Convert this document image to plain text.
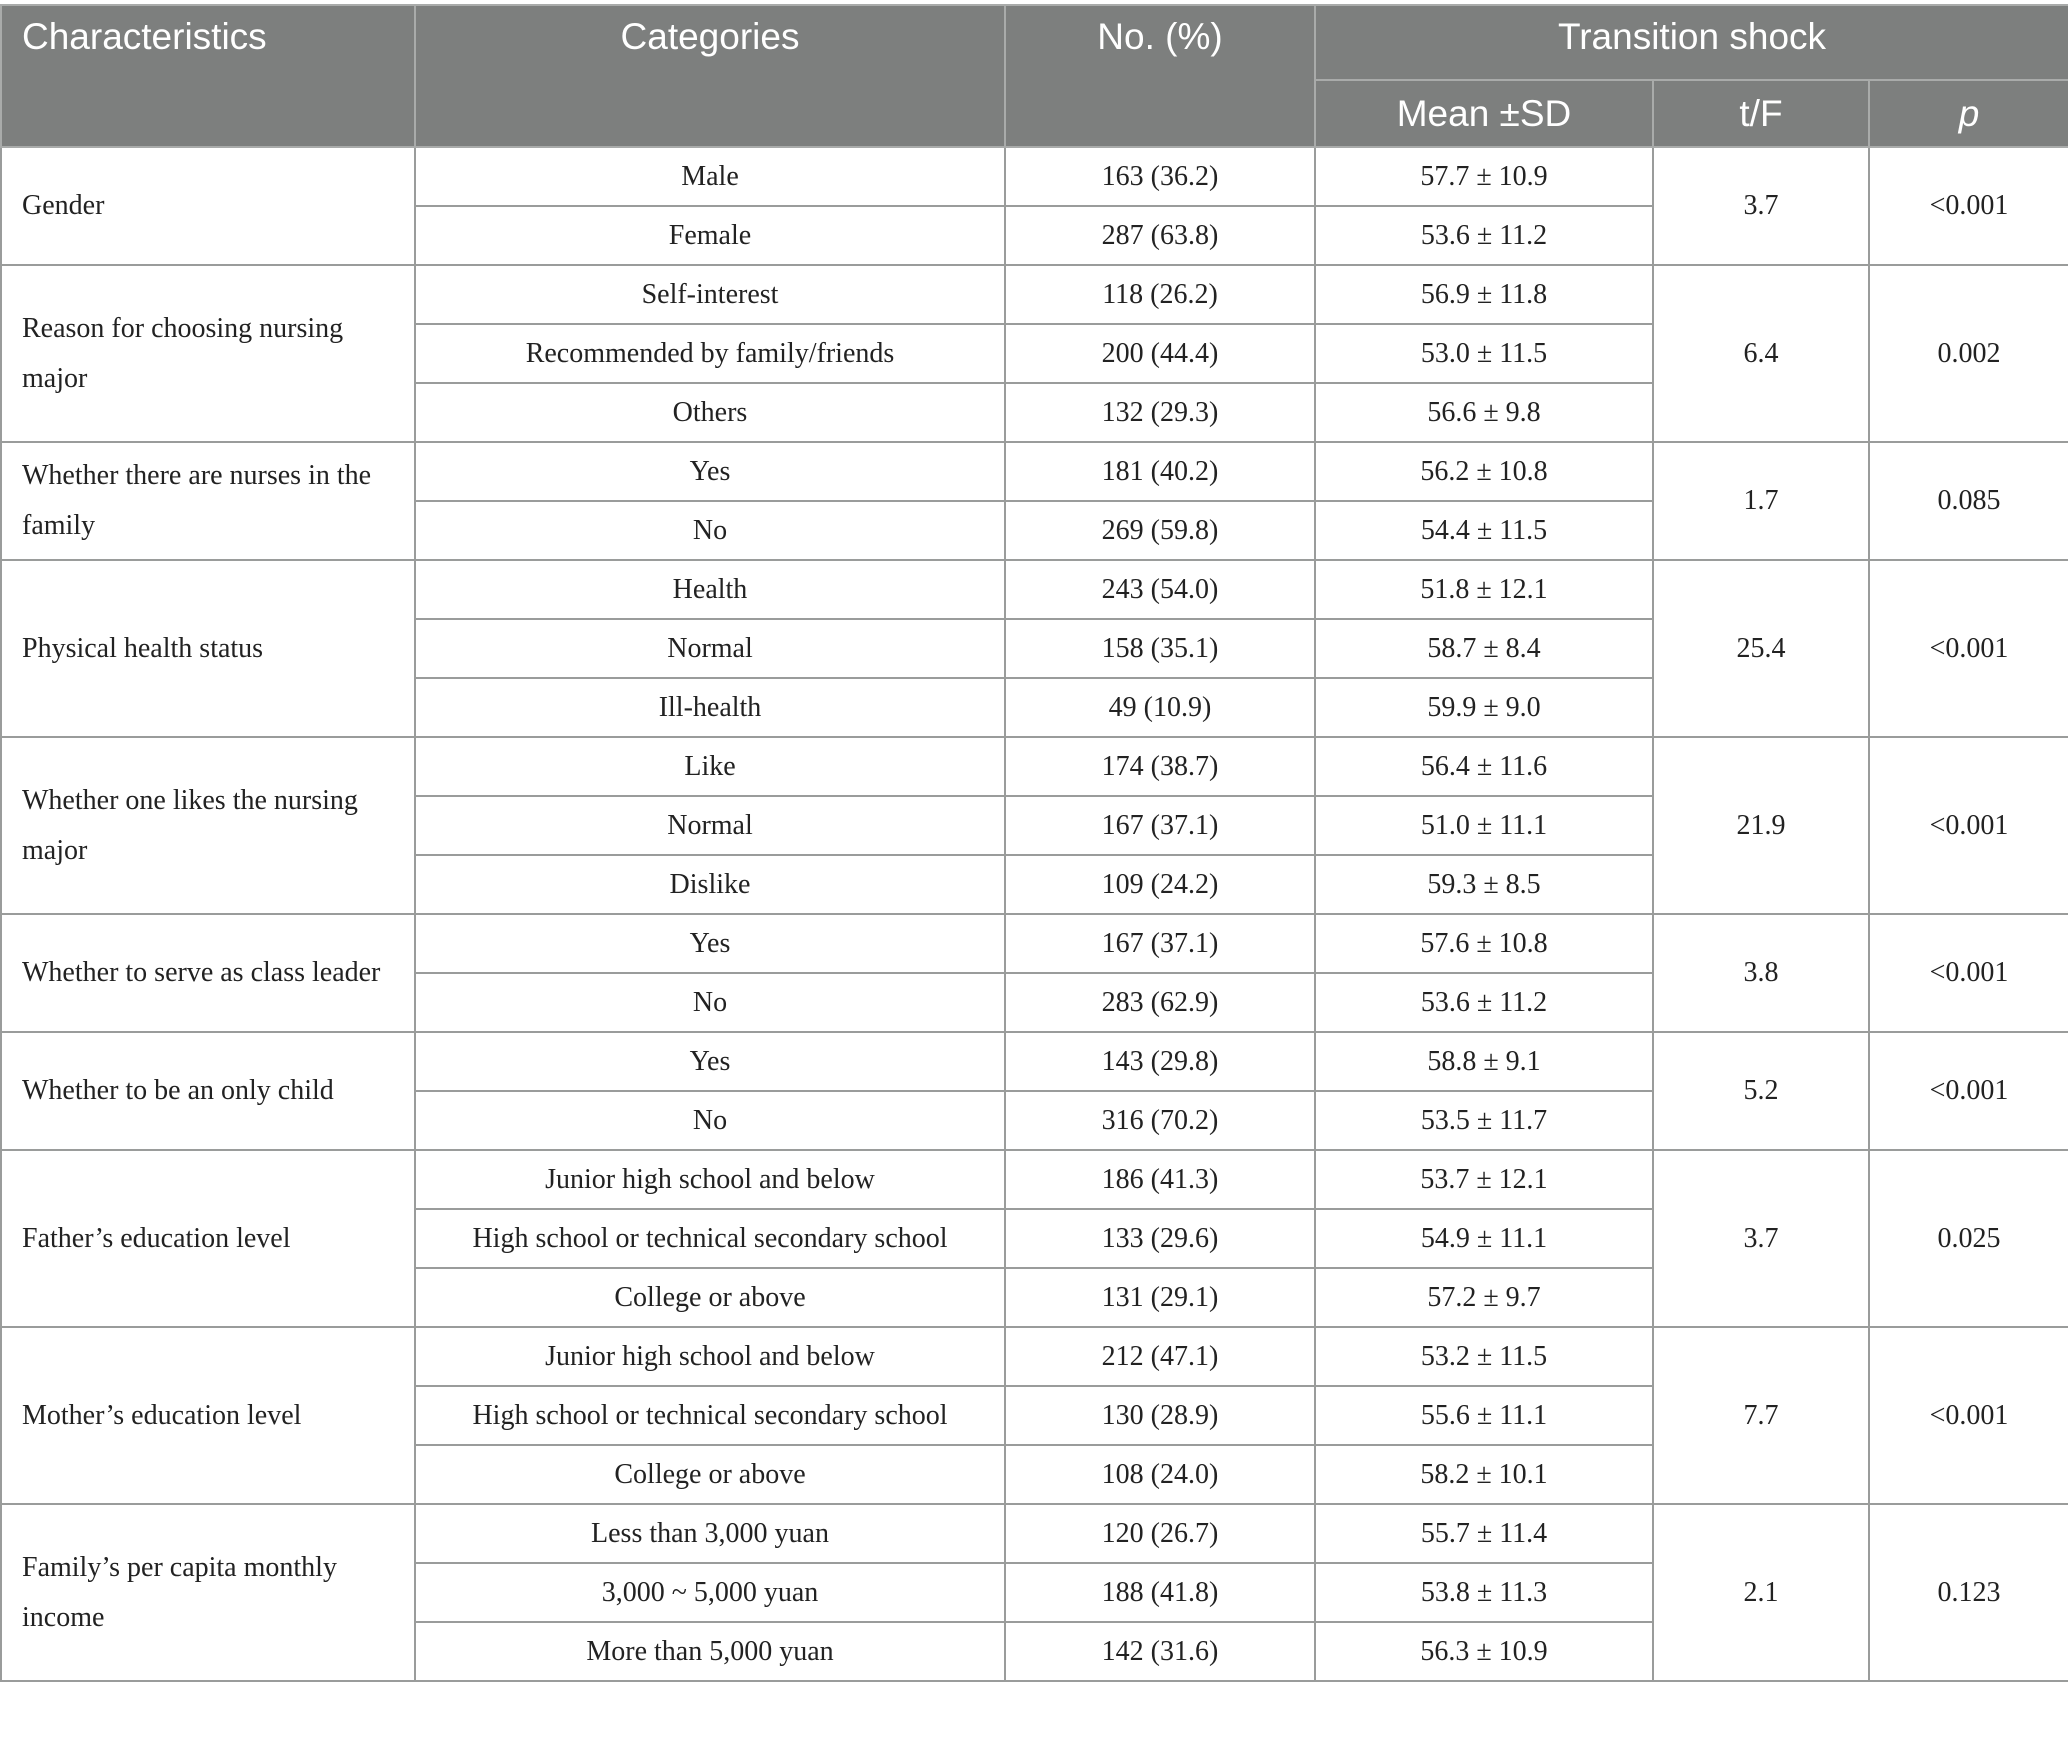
Characteristics	Categories	No. (%)	Transition shock		
			Mean ±SD	t/F	p
Gender	Male	163 (36.2)	57.7 ± 10.9	3.7	<0.001
	Female	287 (63.8)	53.6 ± 11.2		
Reason for choosing nursing major	Self-interest	118 (26.2)	56.9 ± 11.8	6.4	0.002
	Recommended by family/friends	200 (44.4)	53.0 ± 11.5		
	Others	132 (29.3)	56.6 ± 9.8		
Whether there are nurses in the family	Yes	181 (40.2)	56.2 ± 10.8	1.7	0.085
	No	269 (59.8)	54.4 ± 11.5		
Physical health status	Health	243 (54.0)	51.8 ± 12.1	25.4	<0.001
	Normal	158 (35.1)	58.7 ± 8.4		
	Ill-health	49 (10.9)	59.9 ± 9.0		
Whether one likes the nursing major	Like	174 (38.7)	56.4 ± 11.6	21.9	<0.001
	Normal	167 (37.1)	51.0 ± 11.1		
	Dislike	109 (24.2)	59.3 ± 8.5		
Whether to serve as class leader	Yes	167 (37.1)	57.6 ± 10.8	3.8	<0.001
	No	283 (62.9)	53.6 ± 11.2		
Whether to be an only child	Yes	143 (29.8)	58.8 ± 9.1	5.2	<0.001
	No	316 (70.2)	53.5 ± 11.7		
Father’s education level	Junior high school and below	186 (41.3)	53.7 ± 12.1	3.7	0.025
	High school or technical secondary school	133 (29.6)	54.9 ± 11.1		
	College or above	131 (29.1)	57.2 ± 9.7		
Mother’s education level	Junior high school and below	212 (47.1)	53.2 ± 11.5	7.7	<0.001
	High school or technical secondary school	130 (28.9)	55.6 ± 11.1		
	College or above	108 (24.0)	58.2 ± 10.1		
Family’s per capita monthly income	Less than 3,000 yuan	120 (26.7)	55.7 ± 11.4	2.1	0.123
	3,000 ~ 5,000 yuan	188 (41.8)	53.8 ± 11.3		
	More than 5,000 yuan	142 (31.6)	56.3 ± 10.9		
